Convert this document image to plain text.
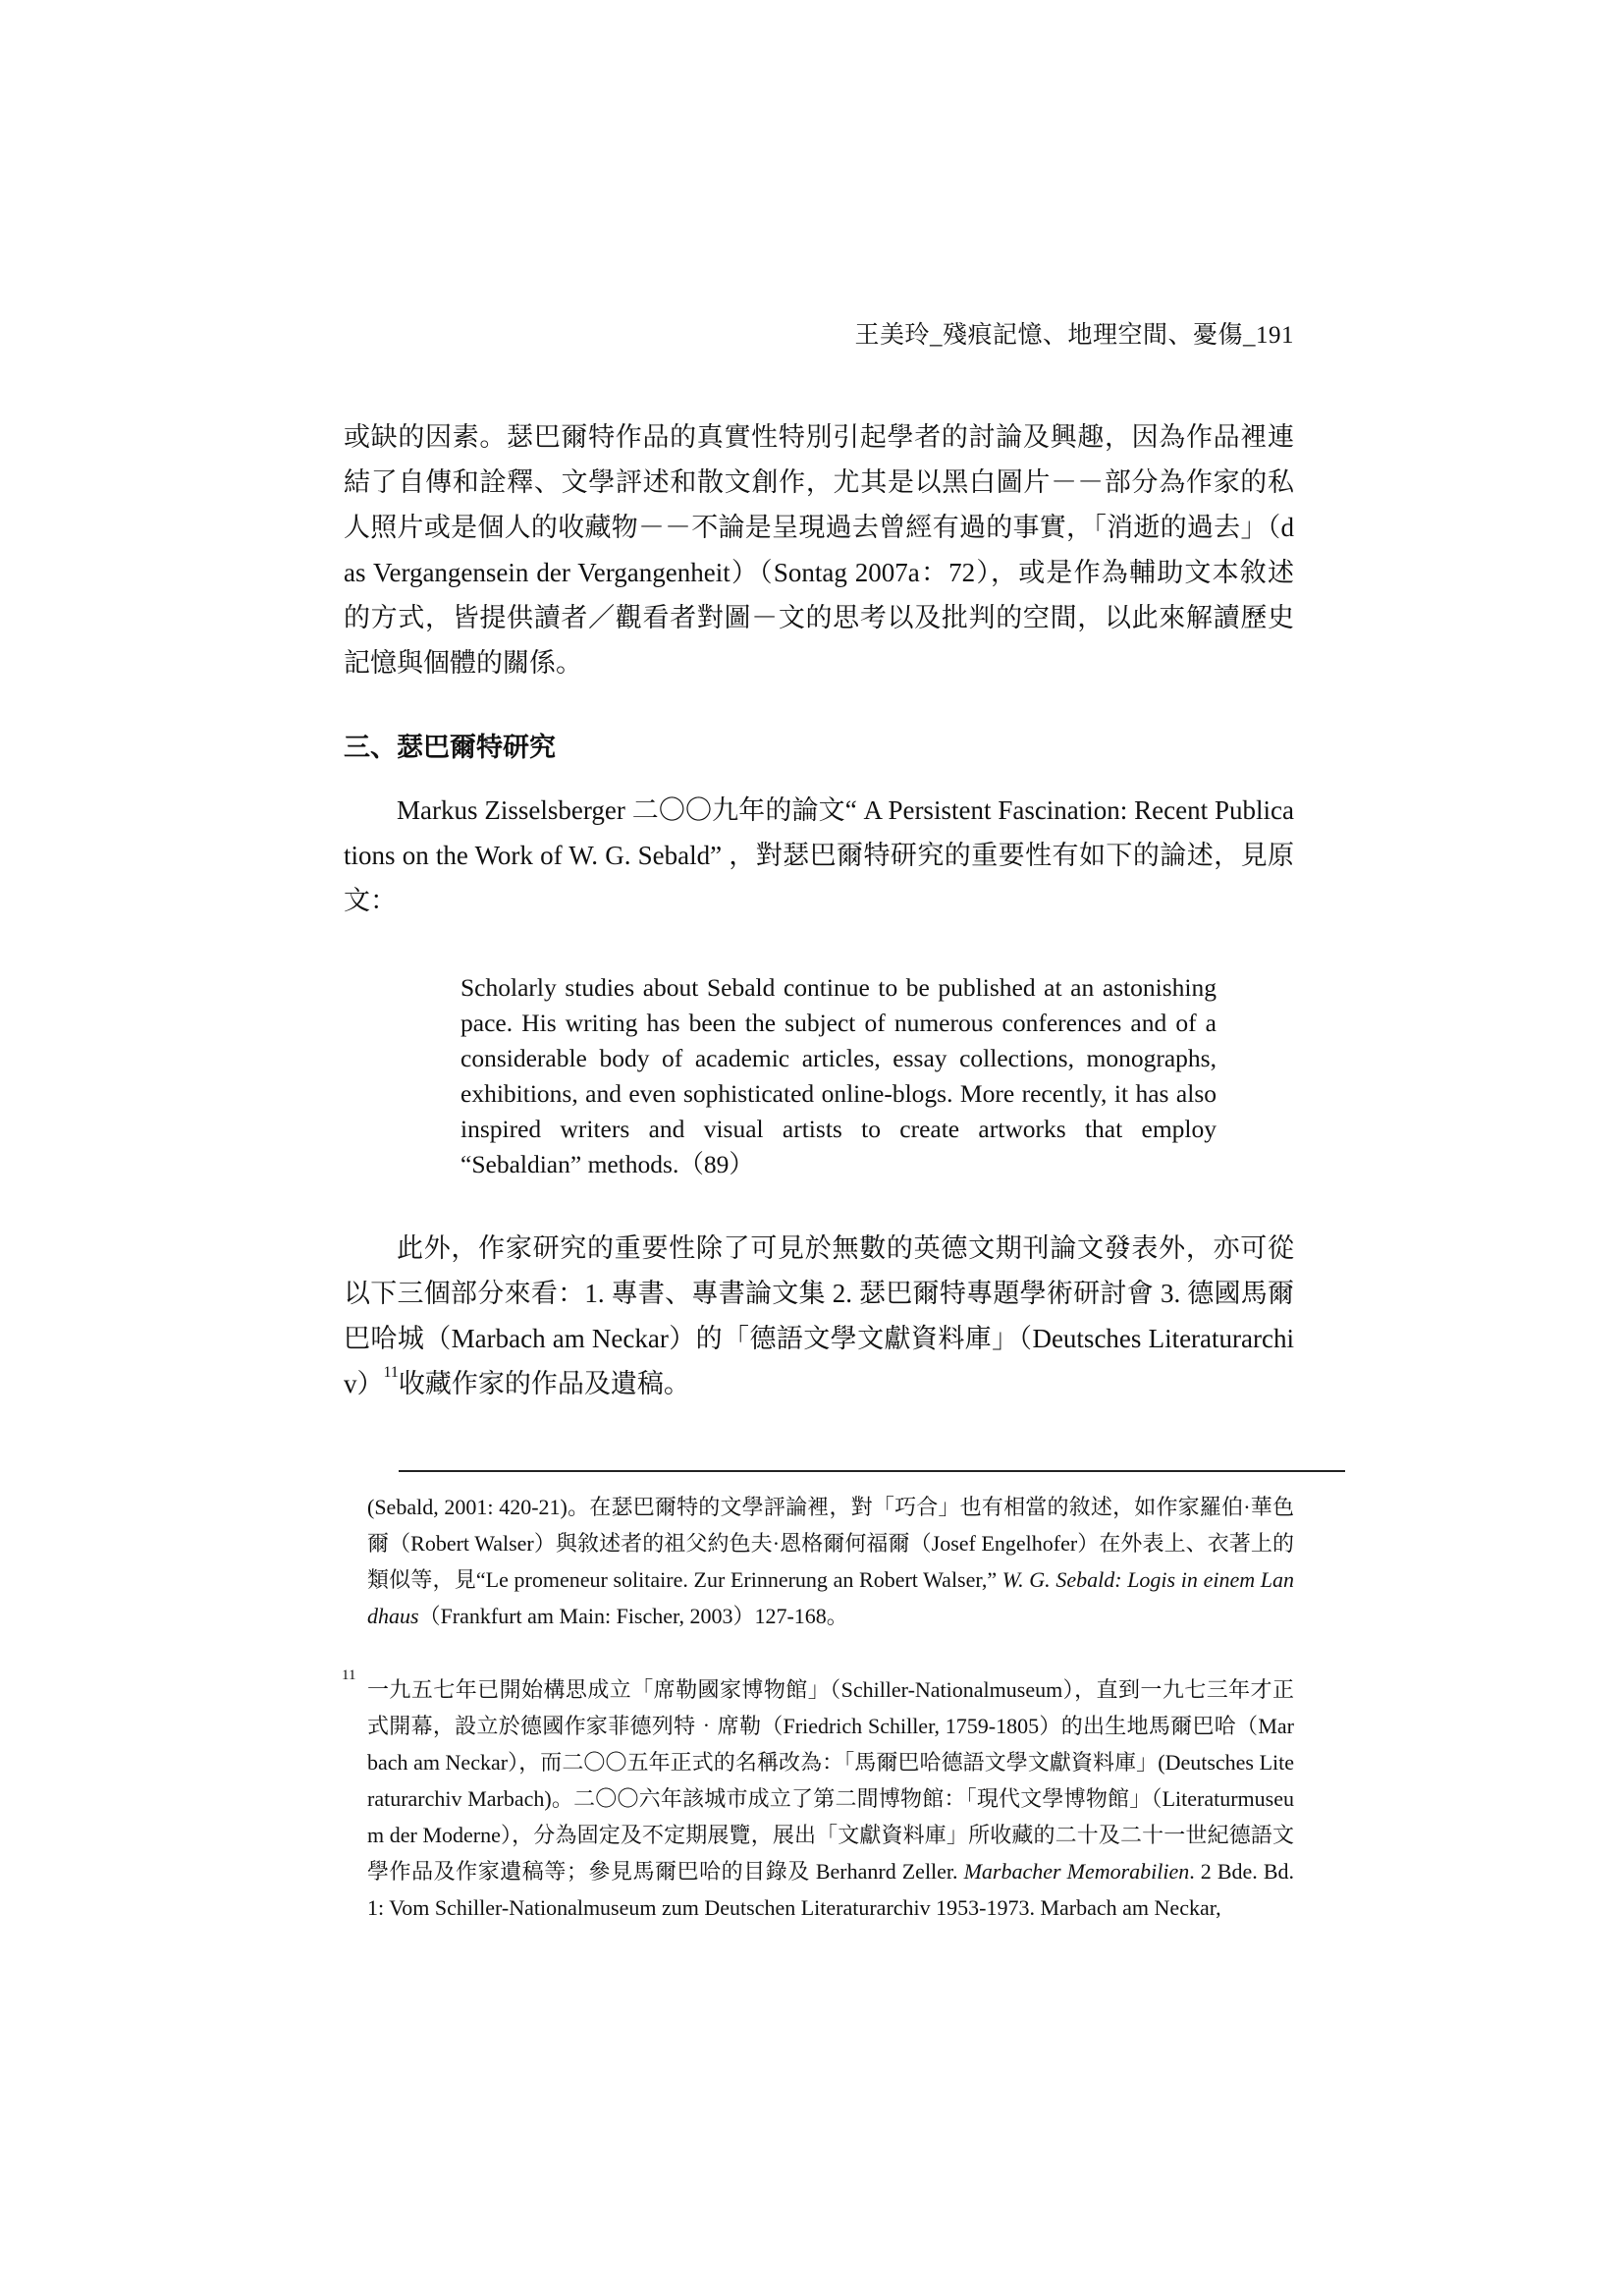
王美玲_殘痕記憶、地理空間、憂傷_191
或缺的因素。瑟巴爾特作品的真實性特別引起學者的討論及興趣，因為作品裡連結了自傳和詮釋、文學評述和散文創作，尤其是以黑白圖片－－部分為作家的私人照片或是個人的收藏物－－不論是呈現過去曾經有過的事實，「消逝的過去」（das Vergangensein der Vergangenheit）（Sontag 2007a：72），或是作為輔助文本敘述的方式，皆提供讀者／觀看者對圖－文的思考以及批判的空間，以此來解讀歷史記憶與個體的關係。
三、瑟巴爾特研究
Markus Zisselsberger 二〇〇九年的論文“ A Persistent Fascination: Recent Publications on the Work of W. G. Sebald” ，對瑟巴爾特研究的重要性有如下的論述，見原文：
Scholarly studies about Sebald continue to be published at an astonishing pace. His writing has been the subject of numerous conferences and of a considerable body of academic articles, essay collections, monographs, exhibitions, and even sophisticated online-blogs. More recently, it has also inspired writers and visual artists to create artworks that employ “Sebaldian” methods.（89）
此外，作家研究的重要性除了可見於無數的英德文期刊論文發表外，亦可從以下三個部分來看：1. 專書、專書論文集 2. 瑟巴爾特專題學術研討會 3. 德國馬爾巴哈城（Marbach am Neckar）的「德語文學文獻資料庫」（Deutsches Literaturarchiv）$^{11}$收藏作家的作品及遺稿。
(Sebald, 2001: 420-21)。在瑟巴爾特的文學評論裡，對「巧合」也有相當的敘述，如作家羅伯·華色爾（Robert Walser）與敘述者的祖父約色夫·恩格爾何福爾（Josef Engelhofer）在外表上、衣著上的類似等，見“Le promeneur solitaire. Zur Erinnerung an Robert Walser,” W. G. Sebald: Logis in einem Landhaus（Frankfurt am Main: Fischer, 2003）127-168。
11
一九五七年已開始構思成立「席勒國家博物館」（Schiller-Nationalmuseum），直到一九七三年才正式開幕，設立於德國作家菲德列特‧席勒（Friedrich Schiller, 1759-1805）的出生地馬爾巴哈（Marbach am Neckar），而二〇〇五年正式的名稱改為：「馬爾巴哈德語文學文獻資料庫」(Deutsches Literaturarchiv Marbach)。二〇〇六年該城市成立了第二間博物館：「現代文學博物館」（Literaturmuseum der Moderne），分為固定及不定期展覽，展出「文獻資料庫」所收藏的二十及二十一世紀德語文學作品及作家遺稿等；參見馬爾巴哈的目錄及 Berhanrd Zeller. Marbacher Memorabilien. 2 Bde. Bd. 1: Vom Schiller-Nationalmuseum zum Deutschen Literaturarchiv 1953-1973. Marbach am Neckar,
